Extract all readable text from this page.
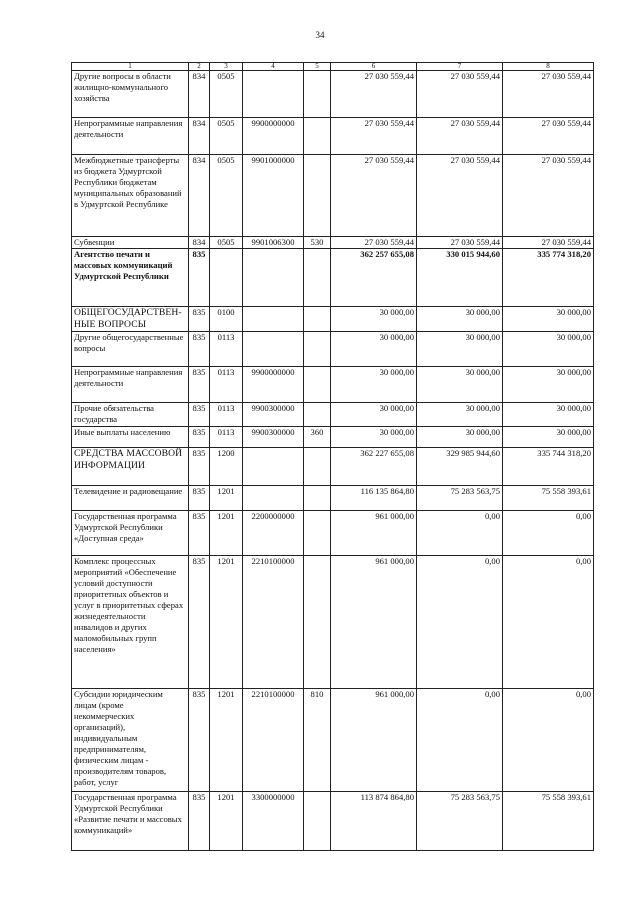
34
1	2	3	4	5	6	7	8
Другие вопросы в области жилищно-коммунального хозяйства	834	0505			27 030 559,44	27 030 559,44	27 030 559,44
Непрограммные направления деятельности	834	0505	9900000000		27 030 559,44	27 030 559,44	27 030 559,44
Межбюджетные трансферты из бюджета Удмуртской Республики бюджетам муниципальных образований в Удмуртской Республике	834	0505	9901000000		27 030 559,44	27 030 559,44	27 030 559,44
Субвенции	834	0505	9901006300	530	27 030 559,44	27 030 559,44	27 030 559,44
Агентство печати и массовых коммуникаций Удмуртской Республики	835				362 257 655,08	330 015 944,60	335 774 318,20
ОБЩЕГОСУДАРСТВЕН-НЫЕ ВОПРОСЫ	835	0100			30 000,00	30 000,00	30 000,00
Другие общегосударственные вопросы	835	0113			30 000,00	30 000,00	30 000,00
Непрограммные направления деятельности	835	0113	9900000000		30 000,00	30 000,00	30 000,00
Прочие обязательства государства	835	0113	9900300000		30 000,00	30 000,00	30 000,00
Иные выплаты населению	835	0113	9900300000	360	30 000,00	30 000,00	30 000,00
СРЕДСТВА МАССОВОЙ ИНФОРМАЦИИ	835	1200			362 227 655,08	329 985 944,60	335 744 318,20
Телевидение и радиовещание	835	1201			116 135 864,80	75 283 563,75	75 558 393,61
Государственная программа Удмуртской Республики «Доступная среда»	835	1201	2200000000		961 000,00	0,00	0,00
Комплекс процессных мероприятий «Обеспечение условий доступности приоритетных объектов и услуг в приоритетных сферах жизнедеятельности инвалидов и других маломобильных групп населения»	835	1201	2210100000		961 000,00	0,00	0,00
Субсидии юридическим лицам (кроме некоммерческих организаций), индивидуальным предпринимателям, физическим лицам - производителям товаров, работ, услуг	835	1201	2210100000	810	961 000,00	0,00	0,00
Государственная программа Удмуртской Республики «Развитие печати и массовых коммуникаций»	835	1201	3300000000		113 874 864,80	75 283 563,75	75 558 393,61
